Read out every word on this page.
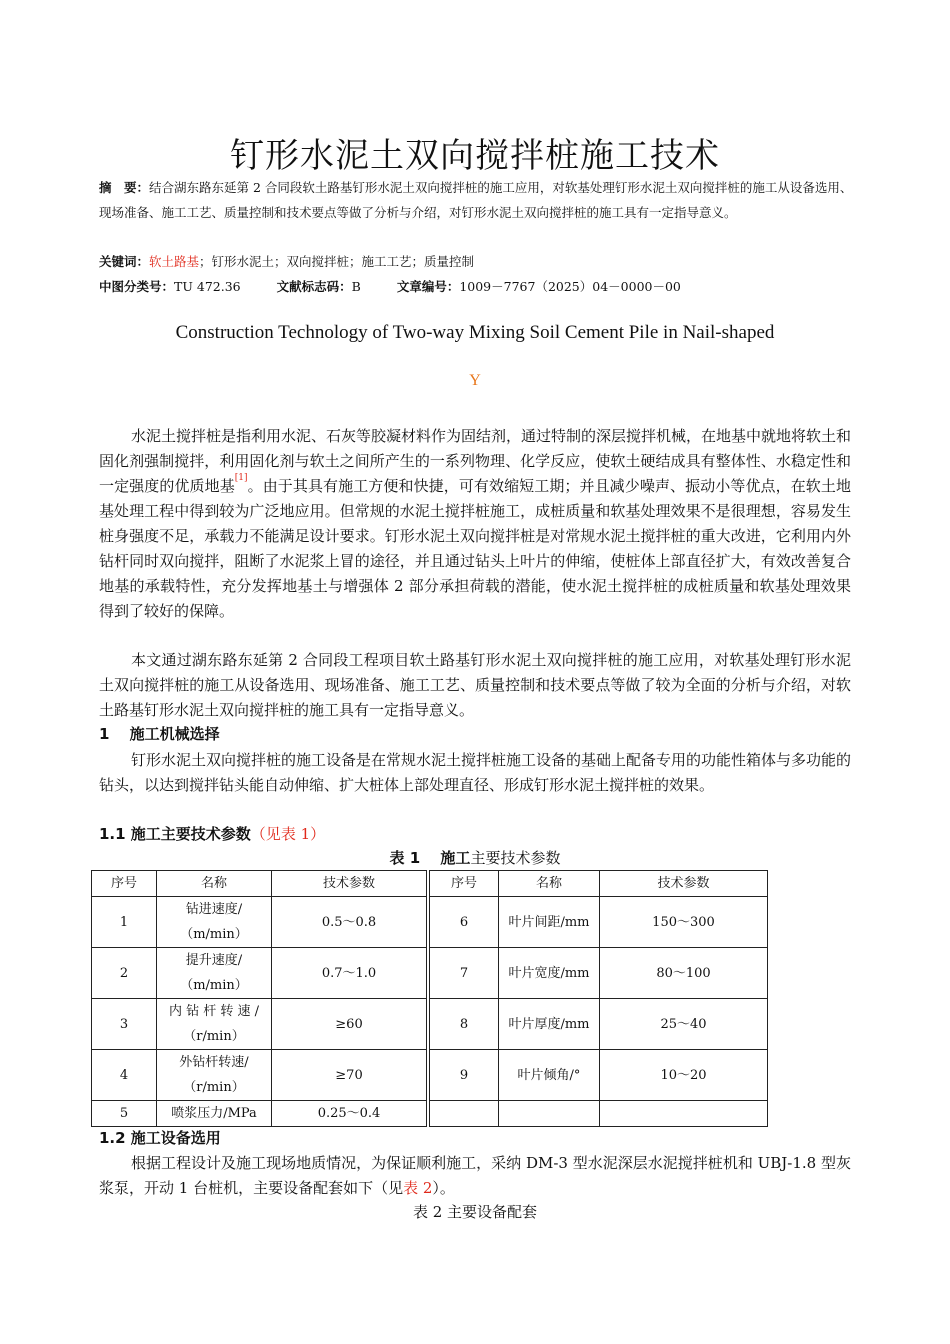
钉形水泥土双向搅拌桩施工技术
摘　要：结合湖东路东延第 2 合同段软土路基钉形水泥土双向搅拌桩的施工应用，对软基处理钉形水泥土双向搅拌桩的施工从设备选用、现场准备、施工工艺、质量控制和技术要点等做了分析与介绍，对钉形水泥土双向搅拌桩的施工具有一定指导意义。
关键词：软土路基；钉形水泥土；双向搅拌桩；施工工艺；质量控制
中图分类号：TU 472.36	文献标志码：B	文章编号：1009－7767（2025）04－0000－00
Construction Technology of Two-way Mixing Soil Cement Pile in Nail-shaped
Y
水泥土搅拌桩是指利用水泥、石灰等胶凝材料作为固结剂，通过特制的深层搅拌机械，在地基中就地将软土和固化剂强制搅拌，利用固化剂与软土之间所产生的一系列物理、化学反应，使软土硬结成具有整体性、水稳定性和一定强度的优质地基[1]。由于其具有施工方便和快捷，可有效缩短工期；并且减少噪声、振动小等优点，在软土地基处理工程中得到较为广泛地应用。但常规的水泥土搅拌桩施工，成桩质量和软基处理效果不是很理想，容易发生桩身强度不足，承载力不能满足设计要求。钉形水泥土双向搅拌桩是对常规水泥土搅拌桩的重大改进，它利用内外钻杆同时双向搅拌，阻断了水泥浆上冒的途径，并且通过钻头上叶片的伸缩，使桩体上部直径扩大，有效改善复合地基的承载特性，充分发挥地基土与增强体 2 部分承担荷载的潜能，使水泥土搅拌桩的成桩质量和软基处理效果得到了较好的保障。
本文通过湖东路东延第 2 合同段工程项目软土路基钉形水泥土双向搅拌桩的施工应用，对软基处理钉形水泥土双向搅拌桩的施工从设备选用、现场准备、施工工艺、质量控制和技术要点等做了较为全面的分析与介绍，对软土路基钉形水泥土双向搅拌桩的施工具有一定指导意义。
1　 施工机械选择
钉形水泥土双向搅拌桩的施工设备是在常规水泥土搅拌桩施工设备的基础上配备专用的功能性箱体与多功能的钻头，以达到搅拌钻头能自动伸缩、扩大桩体上部处理直径、形成钉形水泥土搅拌桩的效果。
1.1 施工主要技术参数（见表 1）
表 1　 施工主要技术参数
序号	名称	技术参数		序号	名称	技术参数
1	钻进速度/
（m/min）	0.5～0.8		6	叶片间距/mm	150～300
2	提升速度/
（m/min）	0.7～1.0		7	叶片宽度/mm	80～100
3	内 钻 杆 转 速 /
（r/min）	≥60		8	叶片厚度/mm	25～40
4	外钻杆转速/
（r/min）	≥70		9	叶片倾角/°	10～20
5	喷浆压力/MPa	0.25～0.4				
1.2 施工设备选用
根据工程设计及施工现场地质情况，为保证顺利施工，采纳 DM-3 型水泥深层水泥搅拌桩机和 UBJ-1.8 型灰浆泵，开动 1 台桩机，主要设备配套如下（见表 2）。
表 2 主要设备配套
